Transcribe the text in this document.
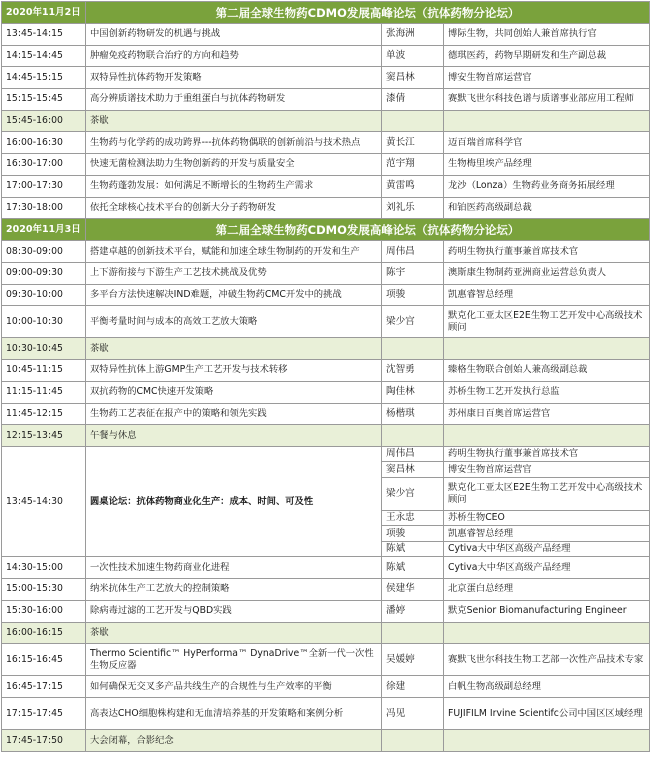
2020年11月2日	第二届全球生物药CDMO发展高峰论坛（抗体药物分论坛）		
13:45-14:15	中国创新药物研发的机遇与挑战	张海洲	博际生物，共同创始人兼首席执行官
14:15-14:45	肿瘤免疫药物联合治疗的方向和趋势	单波	德琪医药，药物早期研发和生产副总裁
14:45-15:15	双特异性抗体药物开发策略	窦昌林	博安生物首席运营官
15:15-15:45	高分辨质谱技术助力于重组蛋白与抗体药物研发	漆倩	赛默飞世尔科技色谱与质谱事业部应用工程师
15:45-16:00	茶歇		
16:00-16:30	生物药与化学药的成功跨界---抗体药物偶联的创新前沿与技术热点	黄长江	迈百瑞首席科学官
16:30-17:00	快速无菌检测法助力生物创新药的开发与质量安全	范宇翔	生物梅里埃产品经理
17:00-17:30	生物药蓬勃发展：如何满足不断增长的生物药生产需求	黄雷鸣	龙沙（Lonza）生物药业务商务拓展经理
17:30-18:00	依托全球核心技术平台的创新大分子药物研发	刘礼乐	和铂医药高级副总裁
2020年11月3日	第二届全球生物药CDMO发展高峰论坛（抗体药物分论坛）		
08:30-09:00	搭建卓越的创新技术平台，赋能和加速全球生物制药的开发和生产	周伟昌	药明生物执行董事兼首席技术官
09:00-09:30	上下游衔接与下游生产工艺技术挑战及优势	陈宇	澳斯康生物制药亚洲商业运营总负责人
09:30-10:00	多平台方法快速解决IND难题，冲破生物药CMC开发中的挑战	项骏	凯惠睿智总经理
10:00-10:30	平衡考量时间与成本的高效工艺放大策略	梁少宫	默克化工亚太区E2E生物工艺开发中心高级技术顾问
10:30-10:45	茶歇		
10:45-11:15	双特异性抗体上游GMP生产工艺开发与技术转移	沈智勇	臻格生物联合创始人兼高级副总裁
11:15-11:45	双抗药物的CMC快速开发策略	陶佳林	苏桥生物工艺开发执行总监
11:45-12:15	生物药工艺表征在报产中的策略和领先实践	杨楷琪	苏州康日百奥首席运营官
12:15-13:45	午餐与休息		
13:45-14:30	圆桌论坛：抗体药物商业化生产：成本、时间、可及性	周伟昌	药明生物执行董事兼首席技术官
		窦昌林	博安生物首席运营官
		梁少宫	默克化工亚太区E2E生物工艺开发中心高级技术顾问
		王永忠	苏桥生物CEO
		项骏	凯惠睿智总经理
		陈斌	Cytiva大中华区高级产品经理
14:30-15:00	一次性技术加速生物药商业化进程	陈斌	Cytiva大中华区高级产品经理
15:00-15:30	纳米抗体生产工艺放大的控制策略	侯建华	北京蛋白总经理
15:30-16:00	除病毒过滤的工艺开发与QBD实践	潘婷	默克Senior Biomanufacturing Engineer
16:00-16:15	茶歇		
16:15-16:45	Thermo Scientific™ HyPerforma™ DynaDrive™全新一代一次性生物反应器	吴媛婷	赛默飞世尔科技生物工艺部一次性产品技术专家
16:45-17:15	如何确保无交叉多产品共线生产的合规性与生产效率的平衡	徐建	白帆生物高级副总经理
17:15-17:45	高表达CHO细胞株构建和无血清培养基的开发策略和案例分析	冯见	FUJIFILM Irvine Scientifc公司中国区区域经理
17:45-17:50	大会闭幕，合影纪念		
